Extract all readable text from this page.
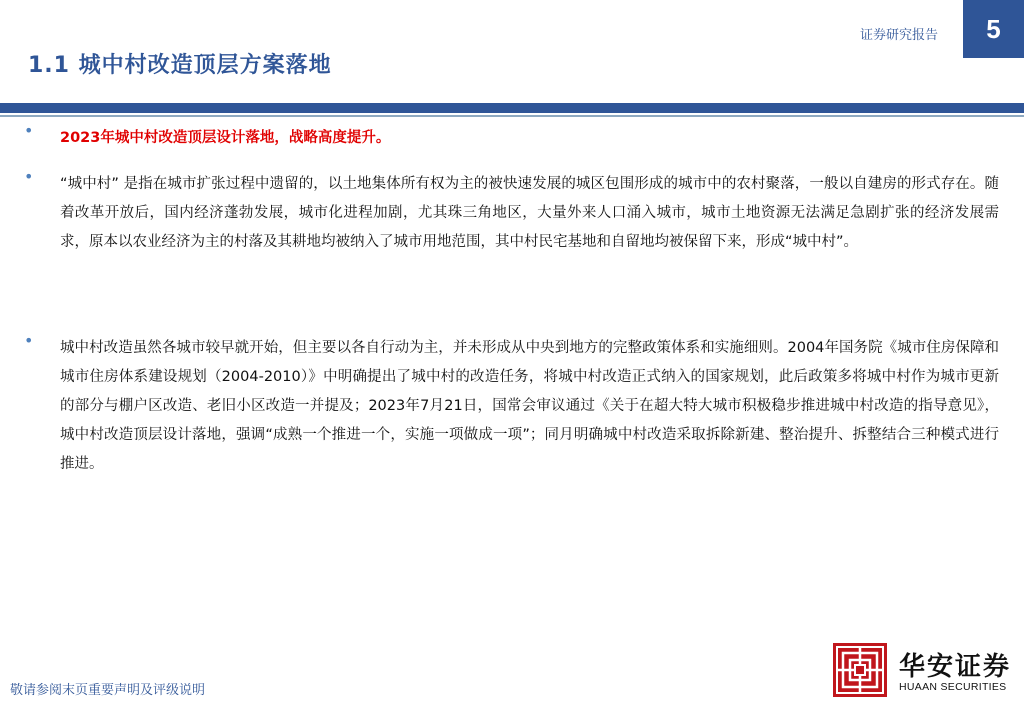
证券研究报告 5
1.1 城中村改造顶层方案落地
• 2023年城中村改造顶层设计落地，战略高度提升。
• “城中村” 是指在城市扩张过程中遗留的，以土地集体所有权为主的被快速发展的城区包围形成的城市中的农村聚落，一般以自建房的形式存在。随着改革开放后，国内经济蓬勃发展，城市化进程加剧，尤其珠三角地区，大量外来人口涌入城市，城市土地资源无法满足急剧扩张的经济发展需求，原本以农业经济为主的村落及其耕地均被纳入了城市用地范围，其中村民宅基地和自留地均被保留下来，形成“城中村”。
• 城中村改造虽然各城市较早就开始，但主要以各自行动为主，并未形成从中央到地方的完整政策体系和实施细则。2004年国务院《城市住房保障和城市住房体系建设规划（2004-2010）》中明确提出了城中村的改造任务，将城中村改造正式纳入的国家规划，此后政策多将城中村作为城市更新的部分与棚户区改造、老旧小区改造一并提及；2023年7月21日，国常会审议通过《关于在超大特大城市积极稳步推进城中村改造的指导意见》，城中村改造顶层设计落地，强调“成熟一个推进一个，实施一项做成一项”；同月明确城中村改造采取拆除新建、整治提升、拆整结合三种模式进行推进。
敬请参阅末页重要声明及评级说明
华安证券
HUAAN SECURITIES
